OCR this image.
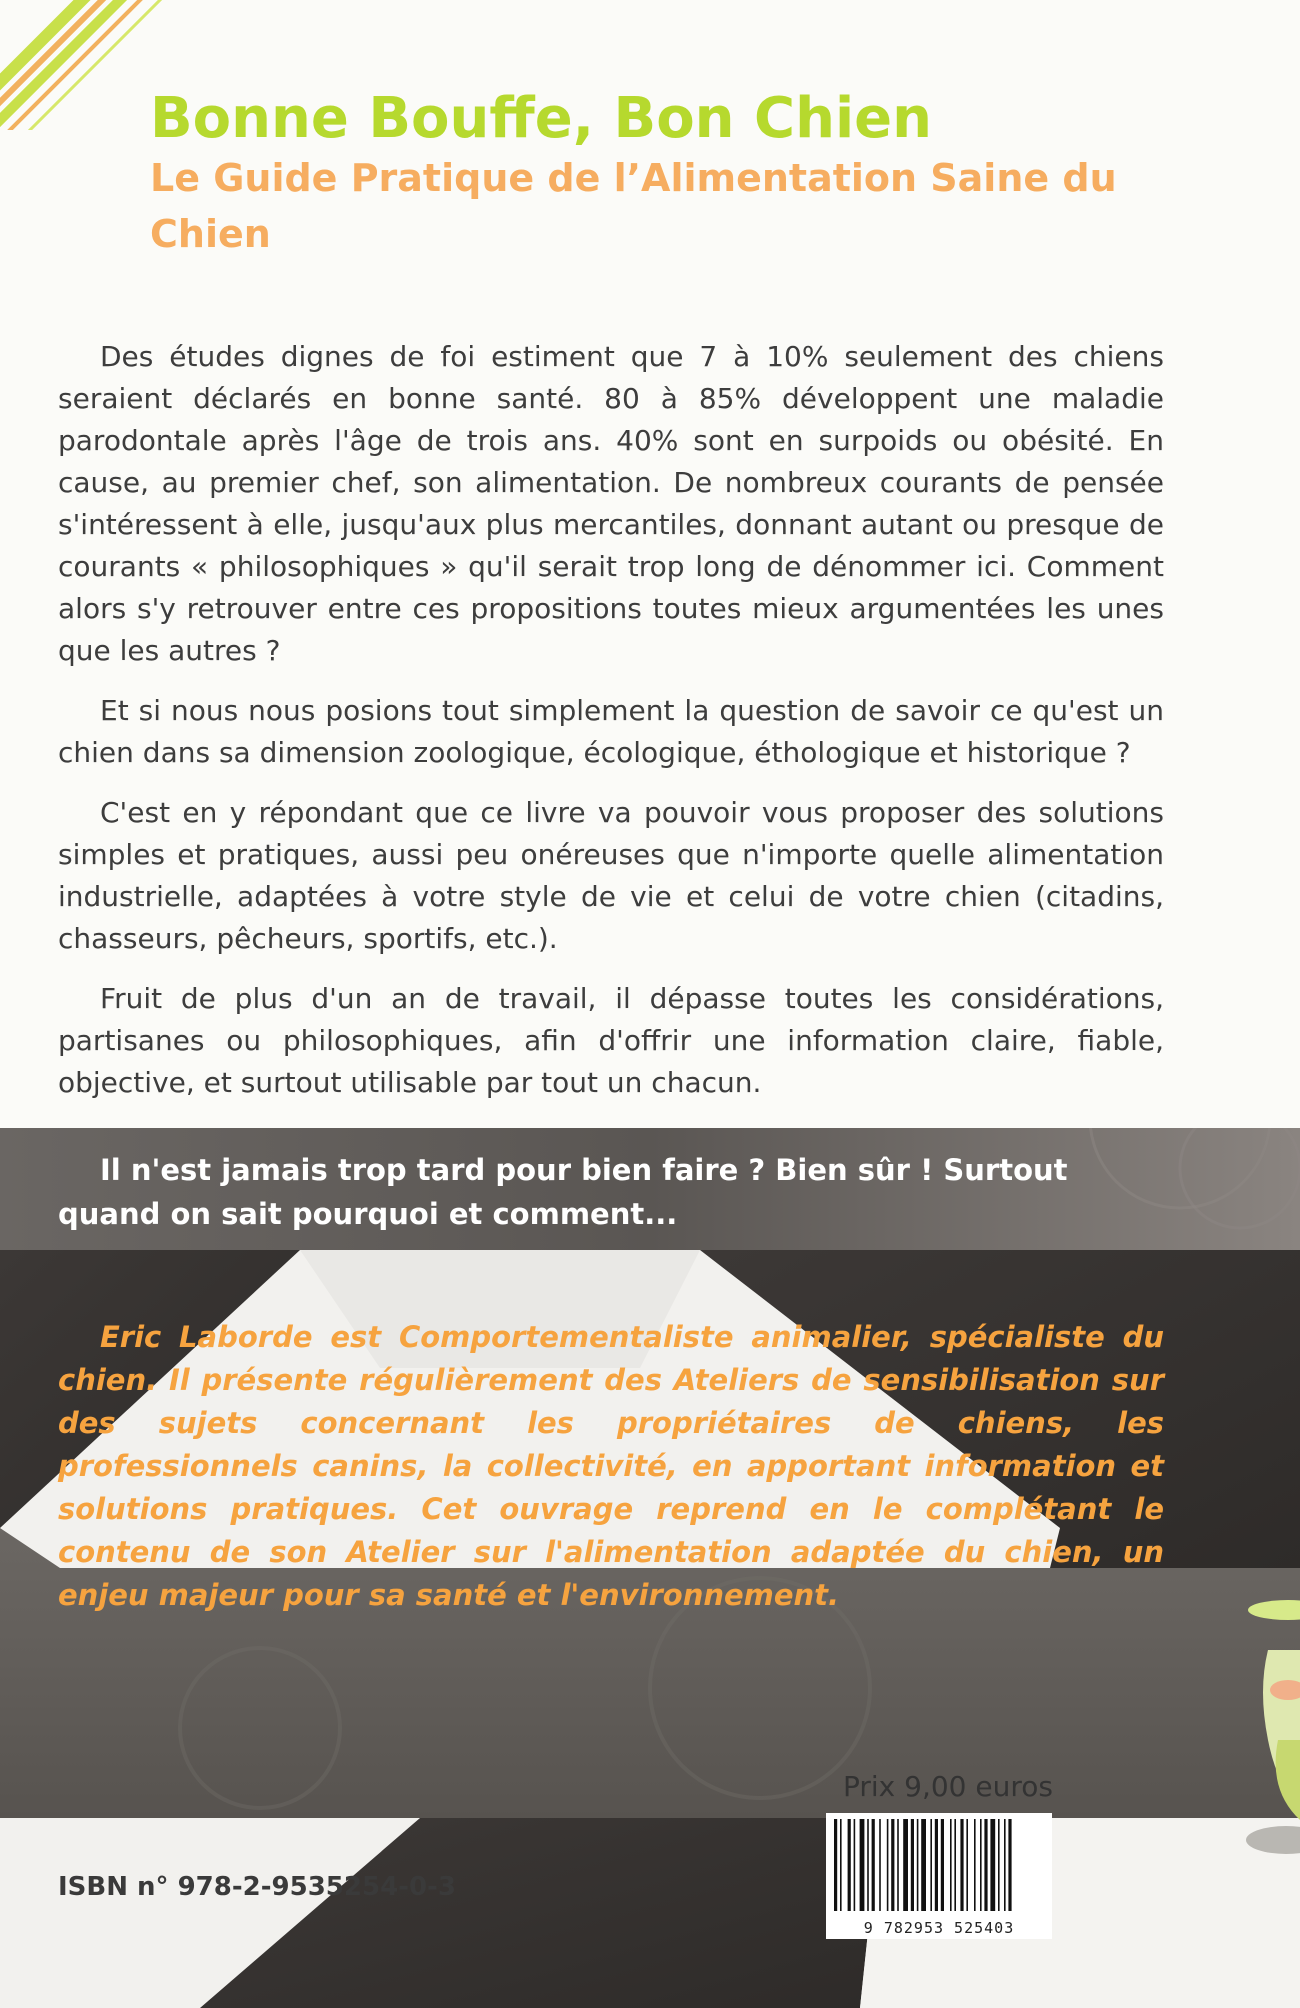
Bonne Bouffe, Bon Chien
Le Guide Pratique de l’Alimentation Saine du Chien

Des études dignes de foi estiment que 7 à 10% seulement des chiens seraient déclarés en bonne santé. 80 à 85% développent une maladie parodontale après l'âge de trois ans. 40% sont en surpoids ou obésité. En cause, au premier chef, son alimentation. De nombreux courants de pensée s'intéressent à elle, jusqu'aux plus mercantiles, donnant autant ou presque de courants « philosophiques » qu'il serait trop long de dénommer ici. Comment alors s'y retrouver entre ces propositions toutes mieux argumentées les unes que les autres ?

Et si nous nous posions tout simplement la question de savoir ce qu'est un chien dans sa dimension zoologique, écologique, éthologique et historique ?

C'est en y répondant que ce livre va pouvoir vous proposer des solutions simples et pratiques, aussi peu onéreuses que n'importe quelle alimentation industrielle, adaptées à votre style de vie et celui de votre chien (citadins, chasseurs, pêcheurs, sportifs, etc.).

Fruit de plus d'un an de travail, il dépasse toutes les considérations, partisanes ou philosophiques, afin d'offrir une information claire, fiable, objective, et surtout utilisable par tout un chacun.

Il n'est jamais trop tard pour bien faire ? Bien sûr ! Surtout quand on sait pourquoi et comment...

Eric Laborde est Comportementaliste animalier, spécialiste du chien. Il présente régulièrement des Ateliers de sensibilisation sur des sujets concernant les propriétaires de chiens, les professionnels canins, la collectivité, en apportant information et solutions pratiques. Cet ouvrage reprend en le complétant le contenu de son Atelier sur l'alimentation adaptée du chien, un enjeu majeur pour sa santé et l'environnement.

Prix 9,00 euros

9 782953 525403

ISBN n° 978-2-9535254-0-3
